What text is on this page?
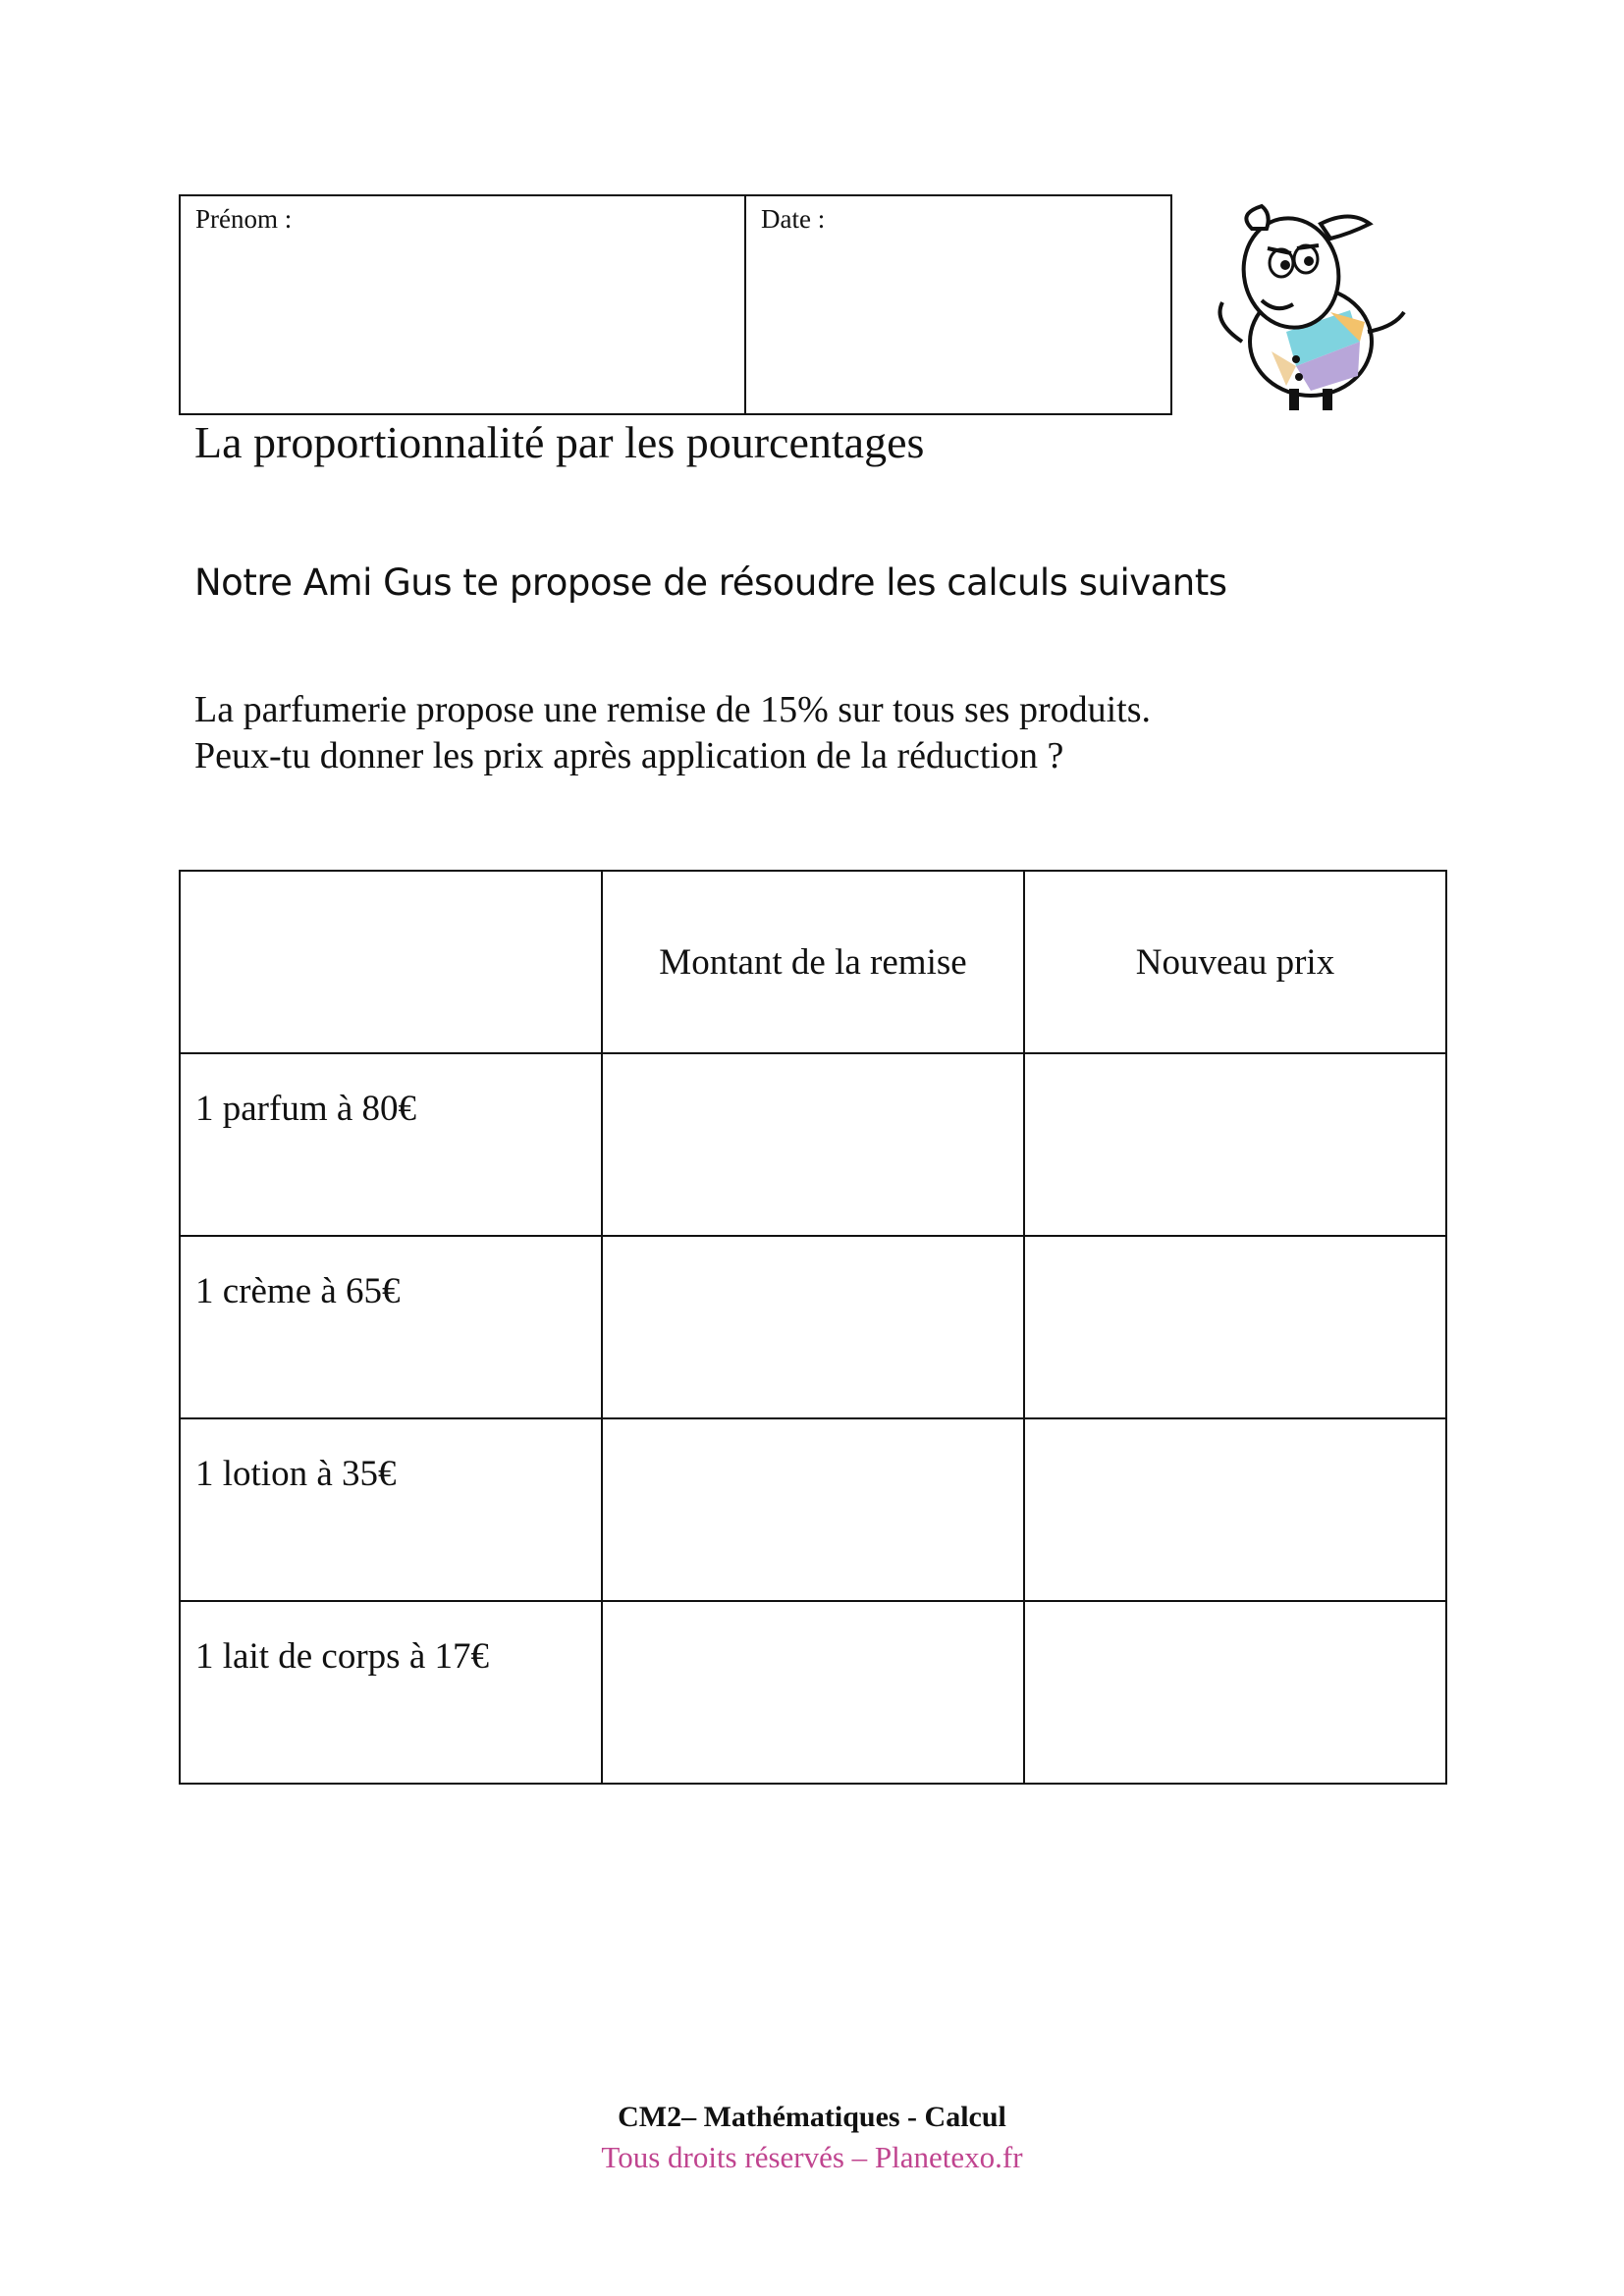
Prénom :	Date :
La proportionnalité par les pourcentages
Notre Ami Gus te propose de résoudre les calculs suivants
La parfumerie propose une remise de 15% sur tous ses produits.
Peux-tu donner les prix après application de la réduction ?
	Montant de la remise	Nouveau prix
1 parfum à 80€		
1 crème à 65€		
1 lotion à 35€		
1 lait de corps à 17€		
CM2– Mathématiques - Calcul
Tous droits réservés – Planetexo.fr
